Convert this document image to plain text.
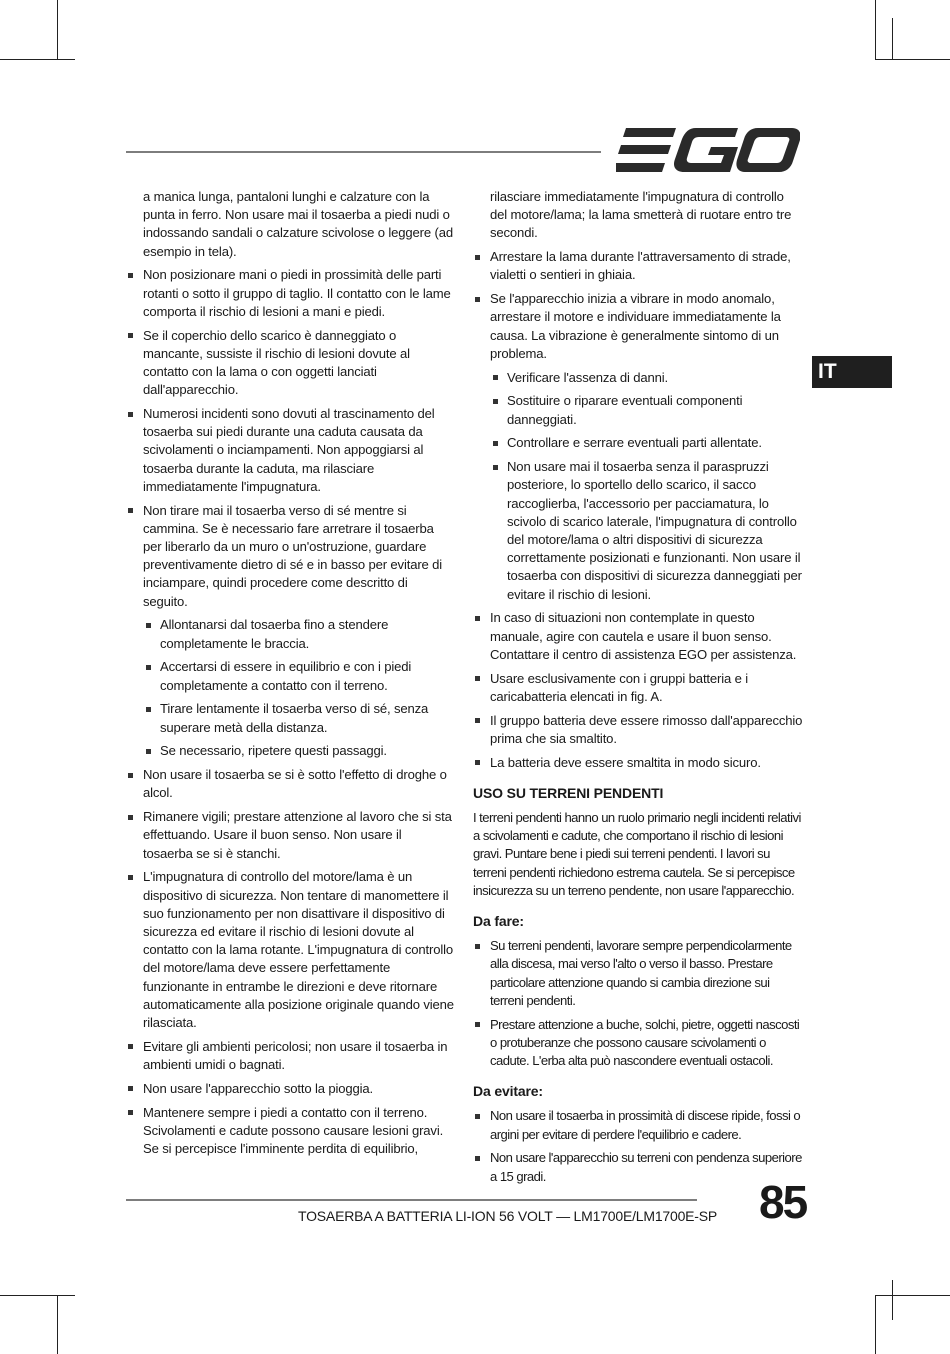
IT

a manica lunga, pantaloni lunghi e calzature con la punta in ferro. Non usare mai il tosaerba a piedi nudi o indossando sandali o calzature scivolose o leggere (ad esempio in tela).

Non posizionare mani o piedi in prossimità delle parti rotanti o sotto il gruppo di taglio. Il contatto con le lame comporta il rischio di lesioni a mani e piedi.

Se il coperchio dello scarico è danneggiato o mancante, sussiste il rischio di lesioni dovute al contatto con la lama o con oggetti lanciati dall'apparecchio.

Numerosi incidenti sono dovuti al trascinamento del tosaerba sui piedi durante una caduta causata da scivolamenti o inciampamenti. Non appoggiarsi al tosaerba durante la caduta, ma rilasciare immediatamente l'impugnatura.

Non tirare mai il tosaerba verso di sé mentre si cammina. Se è necessario fare arretrare il tosaerba per liberarlo da un muro o un'ostruzione, guardare preventivamente dietro di sé e in basso per evitare di inciampare, quindi procedere come descritto di seguito.

Allontanarsi dal tosaerba fino a stendere completamente le braccia.

Accertarsi di essere in equilibrio e con i piedi completamente a contatto con il terreno.

Tirare lentamente il tosaerba verso di sé, senza superare metà della distanza.

Se necessario, ripetere questi passaggi.

Non usare il tosaerba se si è sotto l'effetto di droghe o alcol.

Rimanere vigili; prestare attenzione al lavoro che si sta effettuando. Usare il buon senso. Non usare il tosaerba se si è stanchi.

L'impugnatura di controllo del motore/lama è un dispositivo di sicurezza. Non tentare di manomettere il suo funzionamento per non disattivare il dispositivo di sicurezza ed evitare il rischio di lesioni dovute al contatto con la lama rotante. L'impugnatura di controllo del motore/lama deve essere perfettamente funzionante in entrambe le direzioni e deve ritornare automaticamente alla posizione originale quando viene rilasciata.

Evitare gli ambienti pericolosi; non usare il tosaerba in ambienti umidi o bagnati.

Non usare l'apparecchio sotto la pioggia.

Mantenere sempre i piedi a contatto con il terreno. Scivolamenti e cadute possono causare lesioni gravi. Se si percepisce l'imminente perdita di equilibrio,

rilasciare immediatamente l'impugnatura di controllo del motore/lama; la lama smetterà di ruotare entro tre secondi.

Arrestare la lama durante l'attraversamento di strade, vialetti o sentieri in ghiaia.

Se l'apparecchio inizia a vibrare in modo anomalo, arrestare il motore e individuare immediatamente la causa. La vibrazione è generalmente sintomo di un problema.

Verificare l'assenza di danni.

Sostituire o riparare eventuali componenti danneggiati.

Controllare e serrare eventuali parti allentate.

Non usare mai il tosaerba senza il paraspruzzi posteriore, lo sportello dello scarico, il sacco raccoglierba, l'accessorio per pacciamatura, lo scivolo di scarico laterale, l'impugnatura di controllo del motore/lama o altri dispositivi di sicurezza correttamente posizionati e funzionanti. Non usare il tosaerba con dispositivi di sicurezza danneggiati per evitare il rischio di lesioni.

In caso di situazioni non contemplate in questo manuale, agire con cautela e usare il buon senso. Contattare il centro di assistenza EGO per assistenza.

Usare esclusivamente con i gruppi batteria e i caricabatteria elencati in fig. A.

Il gruppo batteria deve essere rimosso dall'apparecchio prima che sia smaltito.

La batteria deve essere smaltita in modo sicuro.

USO SU TERRENI PENDENTI

I terreni pendenti hanno un ruolo primario negli incidenti relativi a scivolamenti e cadute, che comportano il rischio di lesioni gravi. Puntare bene i piedi sui terreni pendenti. I lavori su terreni pendenti richiedono estrema cautela. Se si percepisce insicurezza su un terreno pendente, non usare l'apparecchio.

Da fare:

Su terreni pendenti, lavorare sempre perpendicolarmente alla discesa, mai verso l'alto o verso il basso. Prestare particolare attenzione quando si cambia direzione sui terreni pendenti.

Prestare attenzione a buche, solchi, pietre, oggetti nascosti o protuberanze che possono causare scivolamenti o cadute. L'erba alta può nascondere eventuali ostacoli.

Da evitare:

Non usare il tosaerba in prossimità di discese ripide, fossi o argini per evitare di perdere l'equilibrio e cadere.

Non usare l'apparecchio su terreni con pendenza superiore a 15 gradi.

TOSAERBA A BATTERIA LI-ION 56 VOLT — LM1700E/LM1700E-SP 85
